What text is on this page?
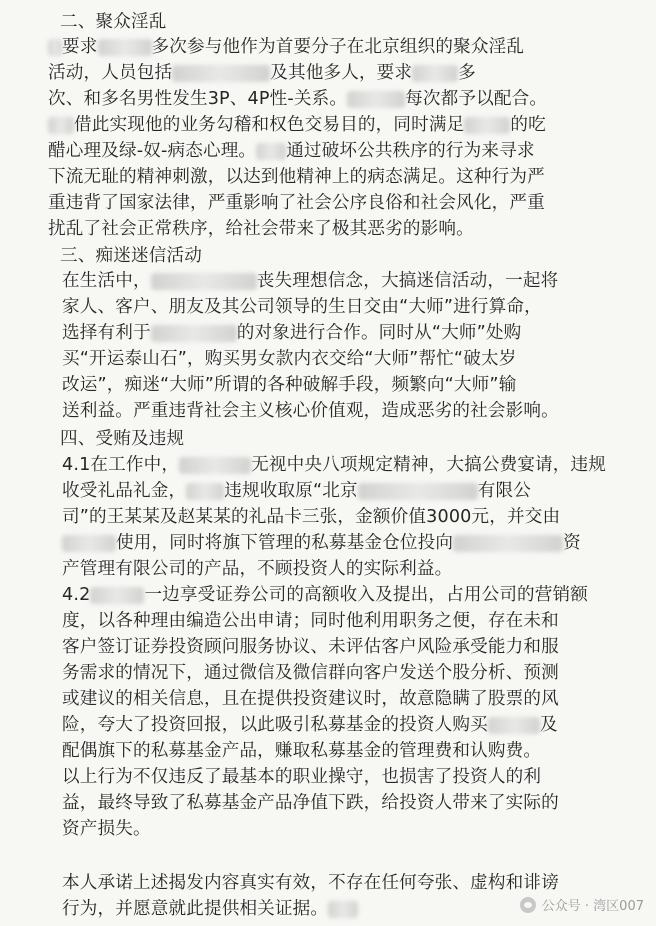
二、聚众淫乱
要求	多次参与他作为首要分子在北京组织的聚众淫乱
活动，人员包括	及其他多人，要求	多
次、和多名男性发生3P、4P性-关系。	每次都予以配合。
借此实现他的业务勾稽和权色交易目的，同时满足	的吃
醋心理及绿-奴-病态心理。 通过破坏公共秩序的行为来寻求
下流无耻的精神刺激，以达到他精神上的病态满足。这种行为严
重违背了国家法律，严重影响了社会公序良俗和社会风化，严重
扰乱了社会正常秩序，给社会带来了极其恶劣的影响。
三、痴迷迷信活动
在生活中，	丧失理想信念，大搞迷信活动，一起将
家人、客户、朋友及其公司领导的生日交由“大师”进行算命，
选择有利于	的对象进行合作。同时从“大师”处购
买“开运泰山石”，购买男女款内衣交给“大师”帮忙“破太岁
改运”，痴迷“大师”所谓的各种破解手段，频繁向“大师”输
送利益。严重违背社会主义核心价值观，造成恶劣的社会影响。
四、受贿及违规
4.1在工作中，	无视中央八项规定精神，大搞公费宴请，违规
收受礼品礼金， 违规收取原“北京	有限公
司”的王某某及赵某某的礼品卡三张，金额价值3000元，并交由
使用，同时将旗下管理的私募基金仓位投向	资
产管理有限公司的产品，不顾投资人的实际利益。
4.2	一边享受证券公司的高额收入及提出，占用公司的营销额
度，以各种理由编造公出申请；同时他利用职务之便，存在未和
客户签订证券投资顾问服务协议、未评估客户风险承受能力和服
务需求的情况下，通过微信及微信群向客户发送个股分析、预测
或建议的相关信息，且在提供投资建议时，故意隐瞒了股票的风
险，夸大了投资回报，以此吸引私募基金的投资人购买	及
配偶旗下的私募基金产品，赚取私募基金的管理费和认购费。
以上行为不仅违反了最基本的职业操守，也损害了投资人的利
益，最终导致了私募基金产品净值下跌，给投资人带来了实际的
资产损失。
本人承诺上述揭发内容真实有效，不存在任何夸张、虚构和诽谤
行为，并愿意就此提供相关证据。	公众号 · 湾区007
